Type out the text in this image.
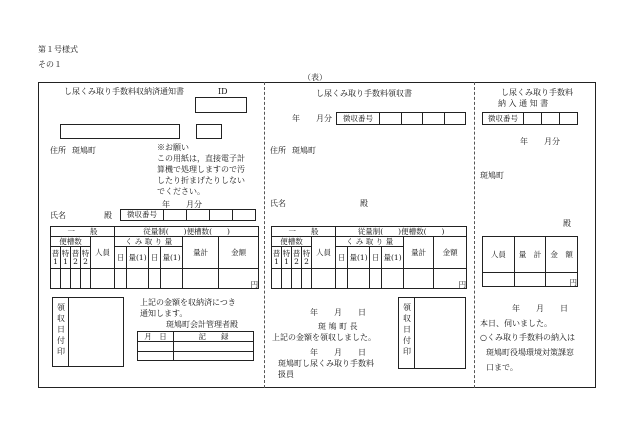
第１号様式
その１
（表）
し尿くみ取り手数料収納済通知書	ID
住所 斑鳩町	※お願い
この用紙は，直接電子計
算機で処理しますので汚
したり折まげたりしない
でください。
年　　月分
氏名	殿 徴収番号				
一　　般					従量制(　　)便槽数(　　)					
便槽数				人員	く み 取 り 量				量計	金額
普1	特1	普2	特2		日	量(1)	日	量(1)		
										円
領収日付印
上記の金額を収納済につき
通知します。
斑鳩町会計管理者殿
月　日	記　　録

し尿くみ取り手数料領収書
年　　月分 徴収番号				
住所 斑鳩町
氏名	殿
一　　般					従量制(　　)便槽数(　　)					
便槽数				人員	く み 取 り 量				量計	金額
普1	特1	普2	特2		日	量(1)	日	量(1)		
										円
年　　月　　日
斑 鳩 町 長
上記の金額を領収しました。
年　　月　　日
斑鳩町し尿くみ取り手数料
扱員
領収日付印
し尿くみ取り手数料
納 入 通 知 書
徴収番号			
年　　月分
斑鳩町
殿
人員	量　計	金　額
		円
年　　月　　日
本日、伺いました。
○くみ取り手数料の納入は
斑鳩町役場環境対策課窓
口まで。
